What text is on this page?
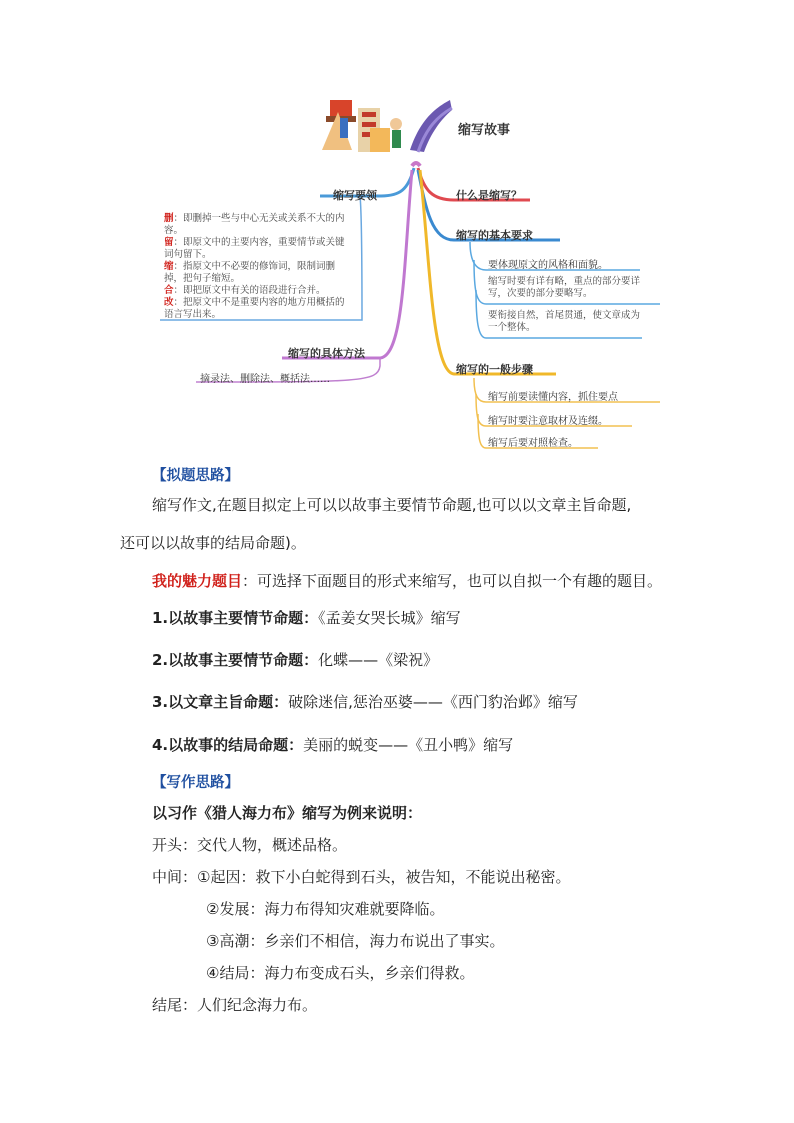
缩写故事
缩写要领
删：即删掉一些与中心无关或关系不大的内容。
留：即原文中的主要内容，重要情节或关键词句留下。
缩：指原文中不必要的修饰词，限制词删掉，把句子缩短。
合：即把原文中有关的语段进行合并。
改：把原文中不是重要内容的地方用概括的语言写出来。
缩写的具体方法
摘录法、删除法、概括法……
什么是缩写？
缩写的基本要求
要体现原文的风格和面貌。
缩写时要有详有略，重点的部分要详写，次要的部分要略写。
要衔接自然，首尾贯通，使文章成为一个整体。
缩写的一般步骤
缩写前要读懂内容，抓住要点
缩写时要注意取材及连缀。
缩写后要对照检查。
【拟题思路】
缩写作文,在题目拟定上可以以故事主要情节命题,也可以以文章主旨命题,
还可以以故事的结局命题)。
我的魅力题目：可选择下面题目的形式来缩写，也可以自拟一个有趣的题目。
1.以故事主要情节命题：《孟姜女哭长城》缩写
2.以故事主要情节命题：化蝶——《梁祝》
3.以文章主旨命题：破除迷信,惩治巫婆——《西门豹治邺》缩写
4.以故事的结局命题：美丽的蜕变——《丑小鸭》缩写
【写作思路】
以习作《猎人海力布》缩写为例来说明：
开头：交代人物，概述品格。
中间：①起因：救下小白蛇得到石头，被告知，不能说出秘密。
②发展：海力布得知灾难就要降临。
③高潮：乡亲们不相信，海力布说出了事实。
④结局：海力布变成石头，乡亲们得救。
结尾：人们纪念海力布。
